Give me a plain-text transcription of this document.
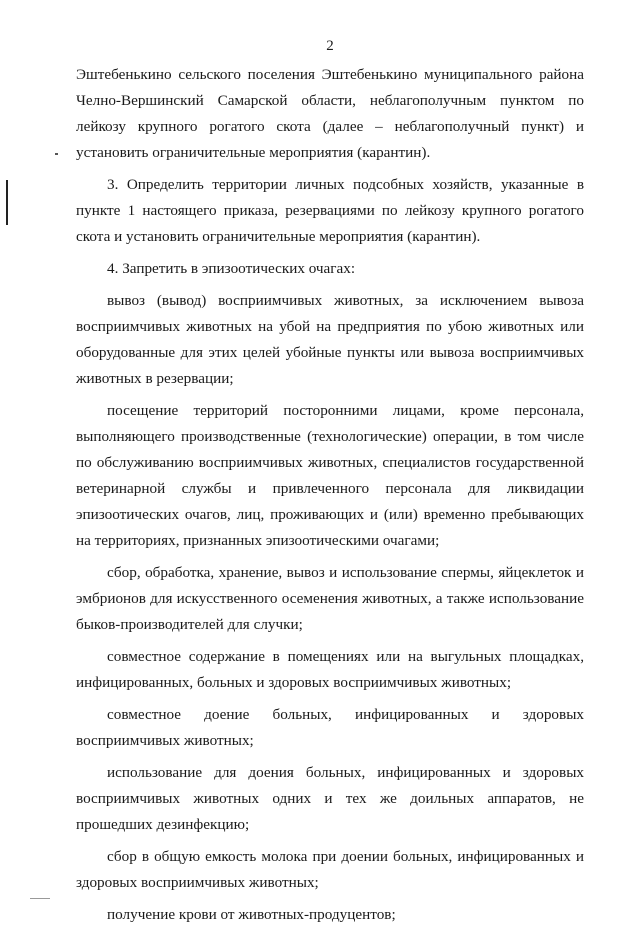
2

Эштебенькино сельского поселения Эштебенькино муниципального района Челно-Вершинский Самарской области, неблагополучным пунктом по лейкозу крупного рогатого скота (далее – неблагополучный пункт) и установить ограничительные мероприятия (карантин).

3. Определить территории личных подсобных хозяйств, указанные в пункте 1 настоящего приказа, резервациями по лейкозу крупного рогатого скота и установить ограничительные мероприятия (карантин).

4. Запретить в эпизоотических очагах:

вывоз (вывод) восприимчивых животных, за исключением вывоза восприимчивых животных на убой на предприятия по убою животных или оборудованные для этих целей убойные пункты или вывоза восприимчивых животных в резервации;

посещение территорий посторонними лицами, кроме персонала, выполняющего производственные (технологические) операции, в том числе по обслуживанию восприимчивых животных, специалистов государственной ветеринарной службы и привлеченного персонала для ликвидации эпизоотических очагов, лиц, проживающих и (или) временно пребывающих на территориях, признанных эпизоотическими очагами;

сбор, обработка, хранение, вывоз и использование спермы, яйцеклеток и эмбрионов для искусственного осеменения животных, а также использование быков-производителей для случки;

совместное содержание в помещениях или на выгульных площадках, инфицированных, больных и здоровых восприимчивых животных;

совместное доение больных, инфицированных и здоровых восприимчивых животных;

использование для доения больных, инфицированных и здоровых восприимчивых животных одних и тех же доильных аппаратов, не прошедших дезинфекцию;

сбор в общую емкость молока при доении больных, инфицированных и здоровых восприимчивых животных;

получение крови от животных-продуцентов;
